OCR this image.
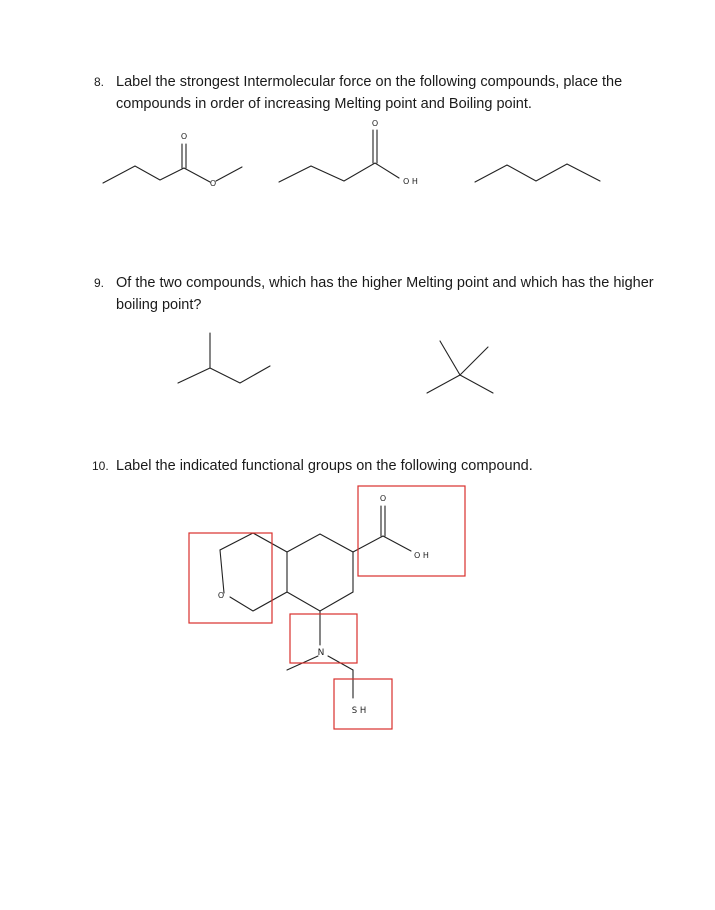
8. Label the strongest Intermolecular force on the following compounds, place the compounds in order of increasing Melting point and Boiling point.
9. Of the two compounds, which has the higher Melting point and which has the higher boiling point?
10. Label the indicated functional groups on the following compound.
O
O
O
O H
O
O H
O
N
S H
